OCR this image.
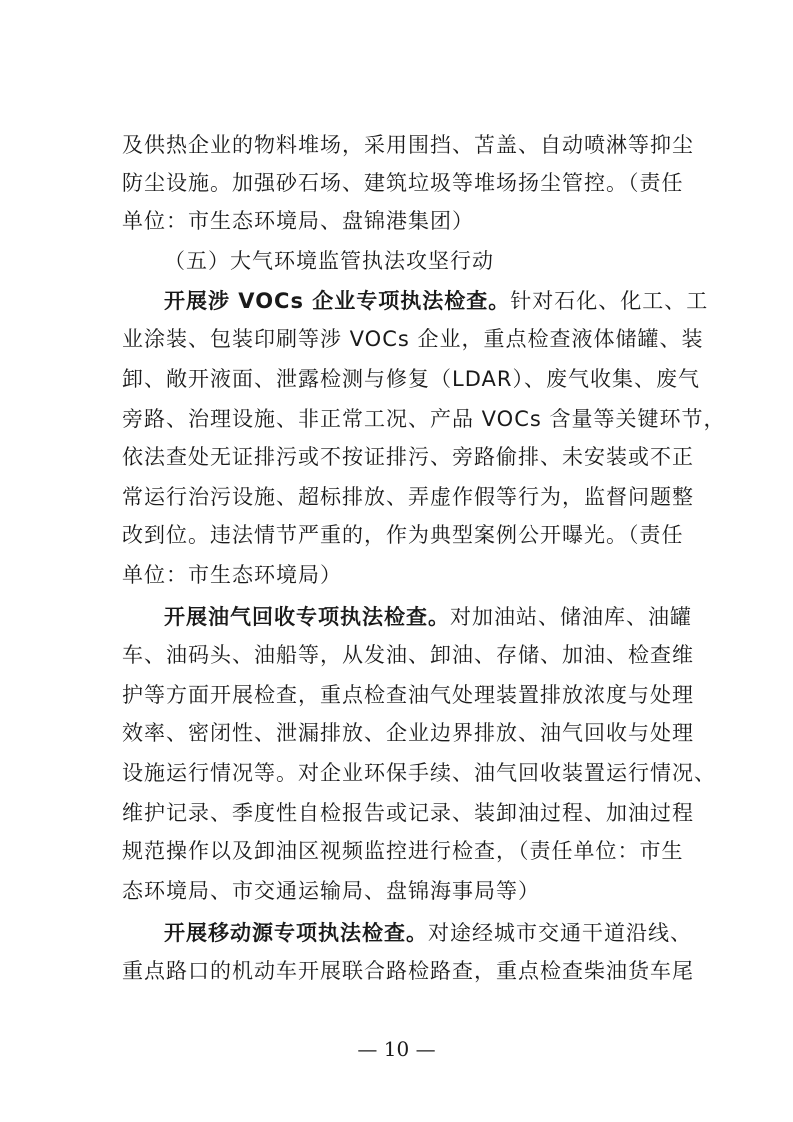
及供热企业的物料堆场，采用围挡、苫盖、自动喷淋等抑尘
防尘设施。加强砂石场、建筑垃圾等堆场扬尘管控。（责任
单位：市生态环境局、盘锦港集团）
（五）大气环境监管执法攻坚行动
开展涉 VOCs 企业专项执法检查。针对石化、化工、工
业涂装、包装印刷等涉 VOCs 企业，重点检查液体储罐、装
卸、敞开液面、泄露检测与修复（LDAR）、废气收集、废气
旁路、治理设施、非正常工况、产品 VOCs 含量等关键环节，
依法查处无证排污或不按证排污、旁路偷排、未安装或不正
常运行治污设施、超标排放、弄虚作假等行为，监督问题整
改到位。违法情节严重的，作为典型案例公开曝光。（责任
单位：市生态环境局）
开展油气回收专项执法检查。对加油站、储油库、油罐
车、油码头、油船等，从发油、卸油、存储、加油、检查维
护等方面开展检查，重点检查油气处理装置排放浓度与处理
效率、密闭性、泄漏排放、企业边界排放、油气回收与处理
设施运行情况等。对企业环保手续、油气回收装置运行情况、
维护记录、季度性自检报告或记录、装卸油过程、加油过程
规范操作以及卸油区视频监控进行检查，（责任单位：市生
态环境局、市交通运输局、盘锦海事局等）
开展移动源专项执法检查。对途经城市交通干道沿线、
重点路口的机动车开展联合路检路查，重点检查柴油货车尾
— 10 —
